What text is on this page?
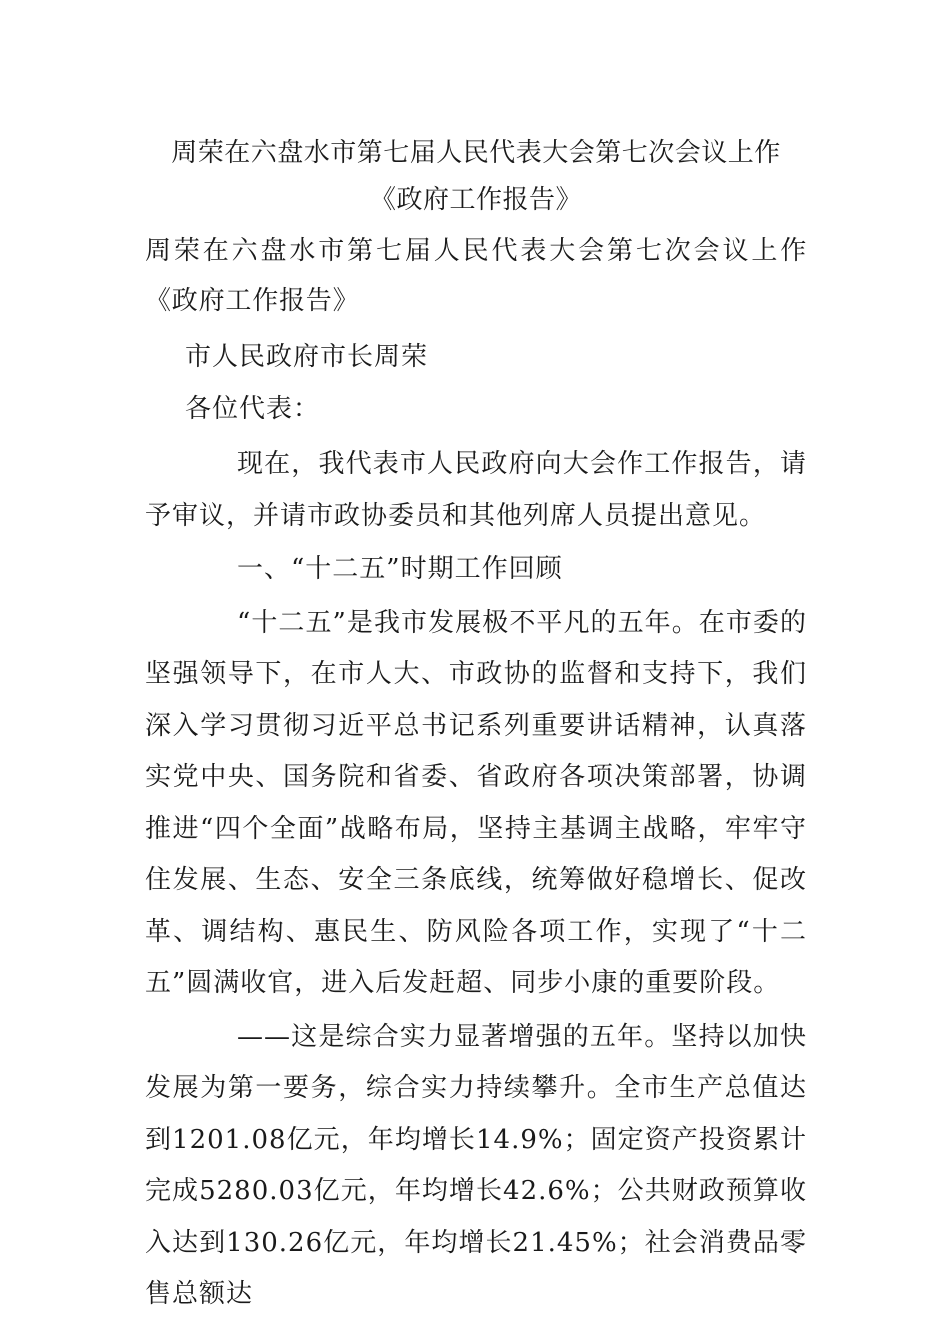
周荣在六盘水市第七届人民代表大会第七次会议上作《政府工作报告》

周荣在六盘水市第七届人民代表大会第七次会议上作《政府工作报告》

市人民政府市长周荣

各位代表：

现在，我代表市人民政府向大会作工作报告，请予审议，并请市政协委员和其他列席人员提出意见。

一、“十二五”时期工作回顾

“十二五”是我市发展极不平凡的五年。在市委的坚强领导下，在市人大、市政协的监督和支持下，我们深入学习贯彻习近平总书记系列重要讲话精神，认真落实党中央、国务院和省委、省政府各项决策部署，协调推进“四个全面”战略布局，坚持主基调主战略，牢牢守住发展、生态、安全三条底线，统筹做好稳增长、促改革、调结构、惠民生、防风险各项工作，实现了“十二五”圆满收官，进入后发赶超、同步小康的重要阶段。

——这是综合实力显著增强的五年。坚持以加快发展为第一要务，综合实力持续攀升。全市生产总值达到1201.08亿元，年均增长14.9%；固定资产投资累计完成5280.03亿元，年均增长42.6%；公共财政预算收入达到130.26亿元，年均增长21.45%；社会消费品零售总额达
